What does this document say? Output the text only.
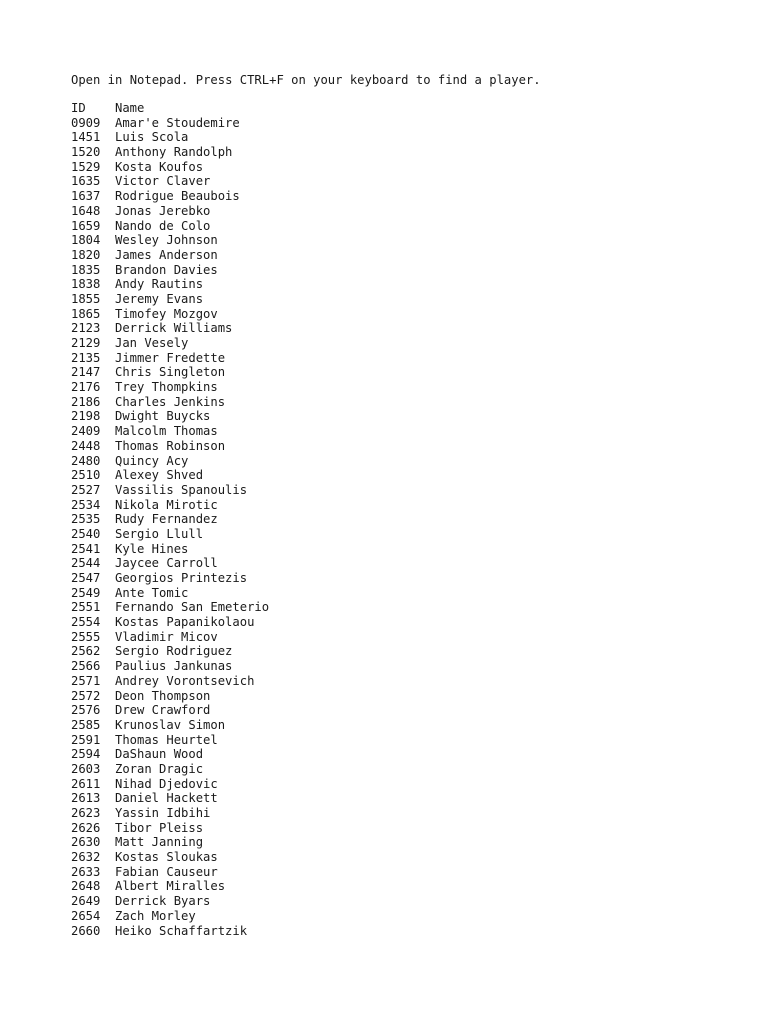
Open in Notepad. Press CTRL+F on your keyboard to find a player.
ID	Name
0909	Amar'e Stoudemire
1451	Luis Scola
1520	Anthony Randolph
1529	Kosta Koufos
1635	Victor Claver
1637	Rodrigue Beaubois
1648	Jonas Jerebko
1659	Nando de Colo
1804	Wesley Johnson
1820	James Anderson
1835	Brandon Davies
1838	Andy Rautins
1855	Jeremy Evans
1865	Timofey Mozgov
2123	Derrick Williams
2129	Jan Vesely
2135	Jimmer Fredette
2147	Chris Singleton
2176	Trey Thompkins
2186	Charles Jenkins
2198	Dwight Buycks
2409	Malcolm Thomas
2448	Thomas Robinson
2480	Quincy Acy
2510	Alexey Shved
2527	Vassilis Spanoulis
2534	Nikola Mirotic
2535	Rudy Fernandez
2540	Sergio Llull
2541	Kyle Hines
2544	Jaycee Carroll
2547	Georgios Printezis
2549	Ante Tomic
2551	Fernando San Emeterio
2554	Kostas Papanikolaou
2555	Vladimir Micov
2562	Sergio Rodriguez
2566	Paulius Jankunas
2571	Andrey Vorontsevich
2572	Deon Thompson
2576	Drew Crawford
2585	Krunoslav Simon
2591	Thomas Heurtel
2594	DaShaun Wood
2603	Zoran Dragic
2611	Nihad Djedovic
2613	Daniel Hackett
2623	Yassin Idbihi
2626	Tibor Pleiss
2630	Matt Janning
2632	Kostas Sloukas
2633	Fabian Causeur
2648	Albert Miralles
2649	Derrick Byars
2654	Zach Morley
2660	Heiko Schaffartzik
